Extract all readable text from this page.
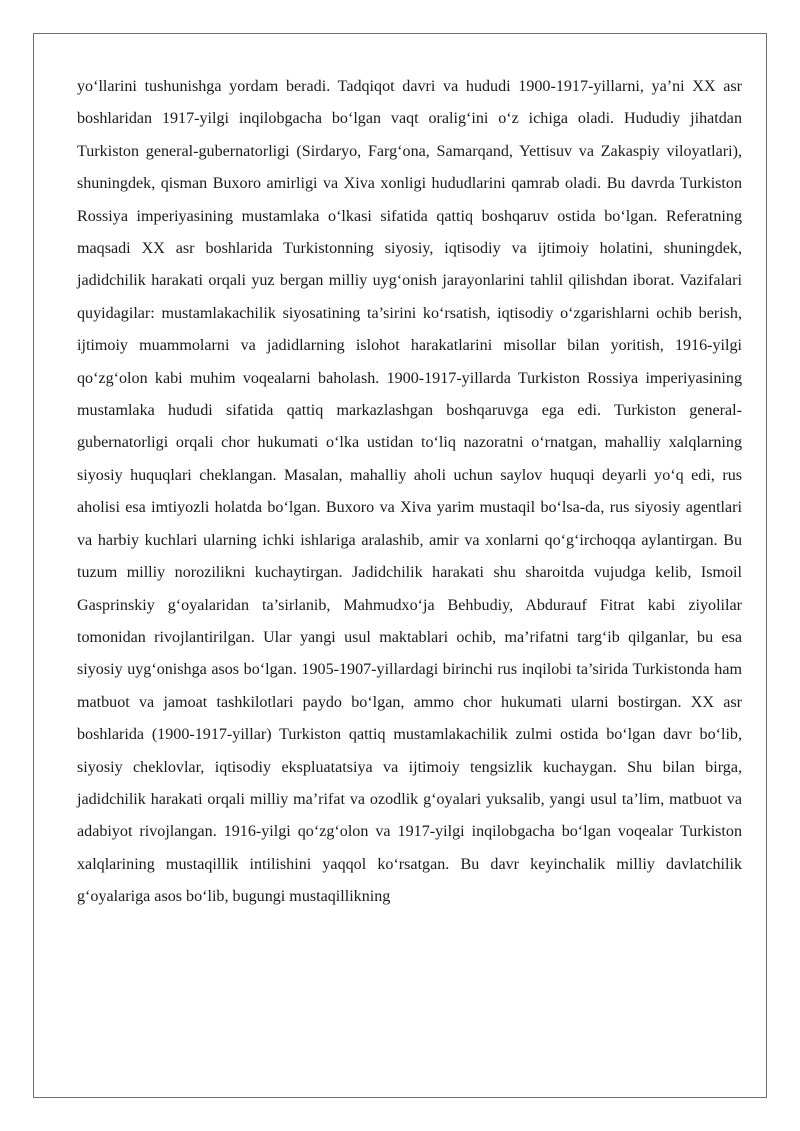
yo‘llarini tushunishga yordam beradi. Tadqiqot davri va hududi 1900-1917-yillarni, ya’ni XX asr boshlaridan 1917-yilgi inqilobgacha bo‘lgan vaqt oralig‘ini o‘z ichiga oladi. Hududiy jihatdan Turkiston general-gubernatorligi (Sirdaryo, Farg‘ona, Samarqand, Yettisuv va Zakaspiy viloyatlari), shuningdek, qisman Buxoro amirligi va Xiva xonligi hududlarini qamrab oladi. Bu davrda Turkiston Rossiya imperiyasining mustamlaka o‘lkasi sifatida qattiq boshqaruv ostida bo‘lgan. Referatning maqsadi XX asr boshlarida Turkistonning siyosiy, iqtisodiy va ijtimoiy holatini, shuningdek, jadidchilik harakati orqali yuz bergan milliy uyg‘onish jarayonlarini tahlil qilishdan iborat. Vazifalari quyidagilar: mustamlakachilik siyosatining ta’sirini ko‘rsatish, iqtisodiy o‘zgarishlarni ochib berish, ijtimoiy muammolarni va jadidlarning islohot harakatlarini misollar bilan yoritish, 1916-yilgi qo‘zg‘olon kabi muhim voqealarni baholash. 1900-1917-yillarda Turkiston Rossiya imperiyasining mustamlaka hududi sifatida qattiq markazlashgan boshqaruvga ega edi. Turkiston general-gubernatorligi orqali chor hukumati o‘lka ustidan to‘liq nazoratni o‘rnatgan, mahalliy xalqlarning siyosiy huquqlari cheklangan. Masalan, mahalliy aholi uchun saylov huquqi deyarli yo‘q edi, rus aholisi esa imtiyozli holatda bo‘lgan. Buxoro va Xiva yarim mustaqil bo‘lsa-da, rus siyosiy agentlari va harbiy kuchlari ularning ichki ishlariga aralashib, amir va xonlarni qo‘g‘irchoqqa aylantirgan. Bu tuzum milliy norozilikni kuchaytirgan. Jadidchilik harakati shu sharoitda vujudga kelib, Ismoil Gasprinskiy g‘oyalaridan ta’sirlanib, Mahmudxo‘ja Behbudiy, Abdurauf Fitrat kabi ziyolilar tomonidan rivojlantirilgan. Ular yangi usul maktablari ochib, ma’rifatni targ‘ib qilganlar, bu esa siyosiy uyg‘onishga asos bo‘lgan. 1905-1907-yillardagi birinchi rus inqilobi ta’sirida Turkistonda ham matbuot va jamoat tashkilotlari paydo bo‘lgan, ammo chor hukumati ularni bostirgan. XX asr boshlarida (1900-1917-yillar) Turkiston qattiq mustamlakachilik zulmi ostida bo‘lgan davr bo‘lib, siyosiy cheklovlar, iqtisodiy ekspluatatsiya va ijtimoiy tengsizlik kuchaygan. Shu bilan birga, jadidchilik harakati orqali milliy ma’rifat va ozodlik g‘oyalari yuksalib, yangi usul ta’lim, matbuot va adabiyot rivojlangan. 1916-yilgi qo‘zg‘olon va 1917-yilgi inqilobgacha bo‘lgan voqealar Turkiston xalqlarining mustaqillik intilishini yaqqol ko‘rsatgan. Bu davr keyinchalik milliy davlatchilik g‘oyalariga asos bo‘lib, bugungi mustaqillikning
